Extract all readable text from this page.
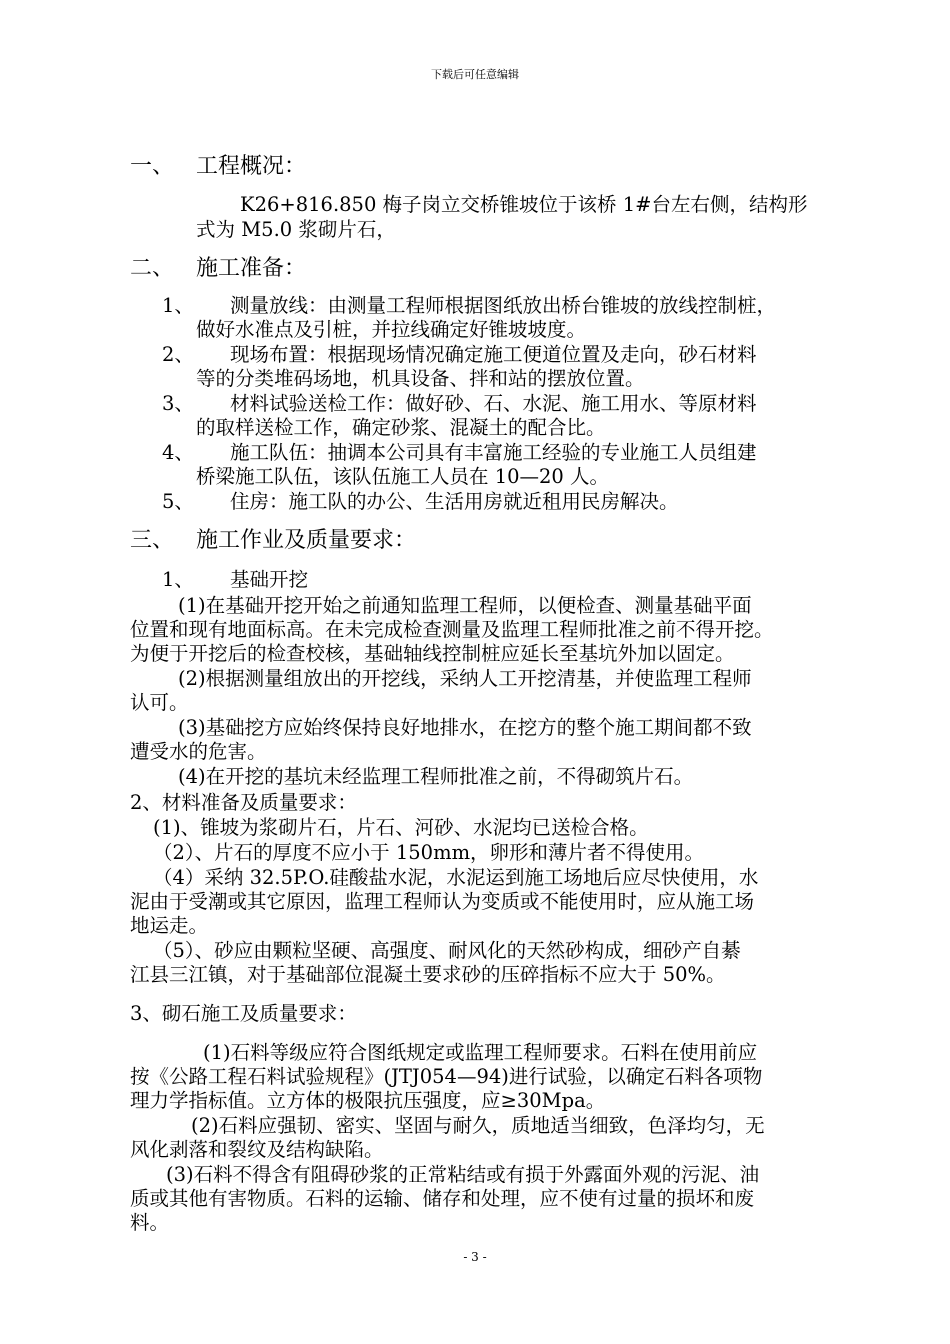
下载后可任意编辑
一、 工程概况：
K26+816.850 梅子岗立交桥锥坡位于该桥 1#台左右侧，结构形
式为 M5.0 浆砌片石，
二、 施工准备：
1、 测量放线：由测量工程师根据图纸放出桥台锥坡的放线控制桩，
做好水准点及引桩，并拉线确定好锥坡坡度。
2、 现场布置：根据现场情况确定施工便道位置及走向，砂石材料
等的分类堆码场地，机具设备、拌和站的摆放位置。
3、 材料试验送检工作：做好砂、石、水泥、施工用水、等原材料
的取样送检工作，确定砂浆、混凝土的配合比。
4、 施工队伍：抽调本公司具有丰富施工经验的专业施工人员组建
桥梁施工队伍，该队伍施工人员在 10—20 人。
5、 住房：施工队的办公、生活用房就近租用民房解决。
三、 施工作业及质量要求：
1、 基础开挖
(1)在基础开挖开始之前通知监理工程师，以便检查、测量基础平面
位置和现有地面标高。在未完成检查测量及监理工程师批准之前不得开挖。
为便于开挖后的检查校核，基础轴线控制桩应延长至基坑外加以固定。
(2)根据测量组放出的开挖线，采纳人工开挖清基，并使监理工程师
认可。
(3)基础挖方应始终保持良好地排水，在挖方的整个施工期间都不致
遭受水的危害。
(4)在开挖的基坑未经监理工程师批准之前，不得砌筑片石。
2、材料准备及质量要求：
(1)、锥坡为浆砌片石，片石、河砂、水泥均已送检合格。
（2）、片石的厚度不应小于 150mm，卵形和薄片者不得使用。
（4）采纳 32.5P.O.硅酸盐水泥，水泥运到施工场地后应尽快使用，水
泥由于受潮或其它原因，监理工程师认为变质或不能使用时，应从施工场
地运走。
（5）、砂应由颗粒坚硬、高强度、耐风化的天然砂构成，细砂产自綦
江县三江镇，对于基础部位混凝土要求砂的压碎指标不应大于 50%。
3、砌石施工及质量要求：
(1)石料等级应符合图纸规定或监理工程师要求。石料在使用前应
按《公路工程石料试验规程》(JTJ054—94)进行试验，以确定石料各项物
理力学指标值。立方体的极限抗压强度，应≥30Mpa。
(2)石料应强韧、密实、坚固与耐久，质地适当细致，色泽均匀，无
风化剥落和裂纹及结构缺陷。
(3)石料不得含有阻碍砂浆的正常粘结或有损于外露面外观的污泥、油
质或其他有害物质。石料的运输、储存和处理，应不使有过量的损坏和废
料。
- 3 -
